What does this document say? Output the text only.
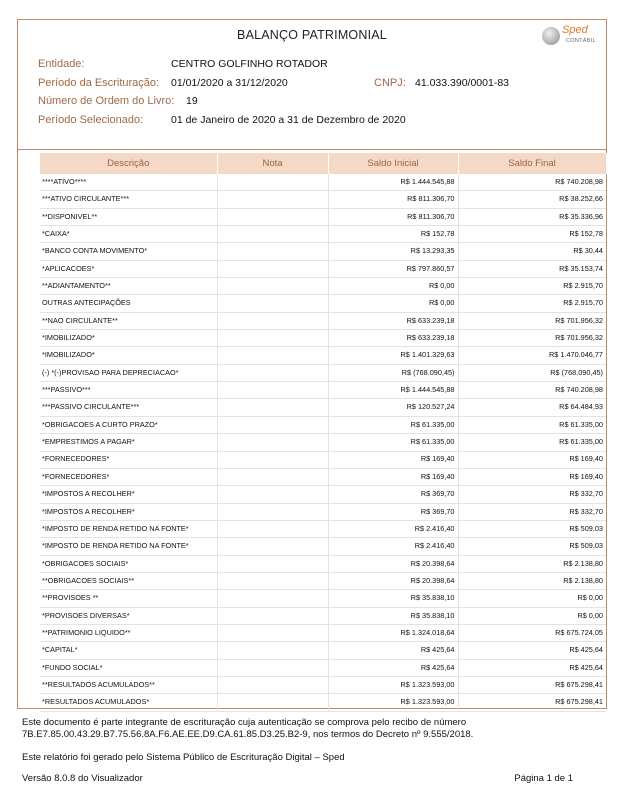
BALANÇO PATRIMONIAL	Sped
CONTÁBIL
Entidade:	CENTRO GOLFINHO ROTADOR
Período da Escrituração: 01/01/2020 a 31/12/2020	CNPJ: 41.033.390/0001-83
Número de Ordem do Livro: 19
Período Selecionado:	01 de Janeiro de 2020 a 31 de Dezembro de 2020
Descrição	Nota	Saldo Inicial	Saldo Final
****ATIVO****		R$ 1.444.545,88	R$ 740.208,98
***ATIVO CIRCULANTE***		R$ 811.306,70	R$ 38.252,66
**DISPONIVEL**		R$ 811.306,70	R$ 35.336,96
*CAIXA*		R$ 152,78	R$ 152,78
*BANCO CONTA MOVIMENTO*		R$ 13.293,35	R$ 30,44
*APLICACOES*		R$ 797.860,57	R$ 35.153,74
**ADIANTAMENTO**		R$ 0,00	R$ 2.915,70
OUTRAS ANTECIPAÇÕES		R$ 0,00	R$ 2.915,70
**NAO CIRCULANTE**		R$ 633.239,18	R$ 701.956,32
*IMOBILIZADO*		R$ 633.239,18	R$ 701.956,32
*IMOBILIZADO*		R$ 1.401.329,63	R$ 1.470.046,77
(-) *(-)PROVISAO PARA DEPRECIACAO*		R$ (768.090,45)	R$ (768.090,45)
***PASSIVO***		R$ 1.444.545,88	R$ 740.208,98
***PASSIVO CIRCULANTE***		R$ 120.527,24	R$ 64.484,93
*OBRIGACOES A CURTO PRAZO*		R$ 61.335,00	R$ 61.335,00
*EMPRESTIMOS A PAGAR*		R$ 61.335,00	R$ 61.335,00
*FORNECEDORES*		R$ 169,40	R$ 169,40
*FORNECEDORES*		R$ 169,40	R$ 169,40
*IMPOSTOS A RECOLHER*		R$ 369,70	R$ 332,70
*IMPOSTOS A RECOLHER*		R$ 369,70	R$ 332,70
*IMPOSTO DE RENDA RETIDO NA FONTE*		R$ 2.416,40	R$ 509,03
*IMPOSTO DE RENDA RETIDO NA FONTE*		R$ 2.416,40	R$ 509,03
*OBRIGACOES SOCIAIS*		R$ 20.398,64	R$ 2.138,80
**OBRIGACOES SOCIAIS**		R$ 20.398,64	R$ 2.138,80
**PROVISOES **		R$ 35.838,10	R$ 0,00
*PROVISOES DIVERSAS*		R$ 35.838,10	R$ 0,00
**PATRIMONIO LIQUIDO**		R$ 1.324.018,64	R$ 675.724,05
*CAPITAL*		R$ 425,64	R$ 425,64
*FUNDO SOCIAL*		R$ 425,64	R$ 425,64
**RESULTADOS ACUMULADOS**		R$ 1.323.593,00	R$ 675.298,41
*RESULTADOS ACUMULADOS*		R$ 1.323.593,00	R$ 675.298,41
Este documento é parte integrante de escrituração cuja autenticação se comprova pelo recibo de número
7B.E7.85.00.43.29.B7.75.56.8A.F6.AE.EE.D9.CA.61.85.D3.25.B2-9, nos termos do Decreto nº 9.555/2018.
Este relatório foi gerado pelo Sistema Público de Escrituração Digital – Sped
Versão 8.0.8 do Visualizador	Página 1 de 1
